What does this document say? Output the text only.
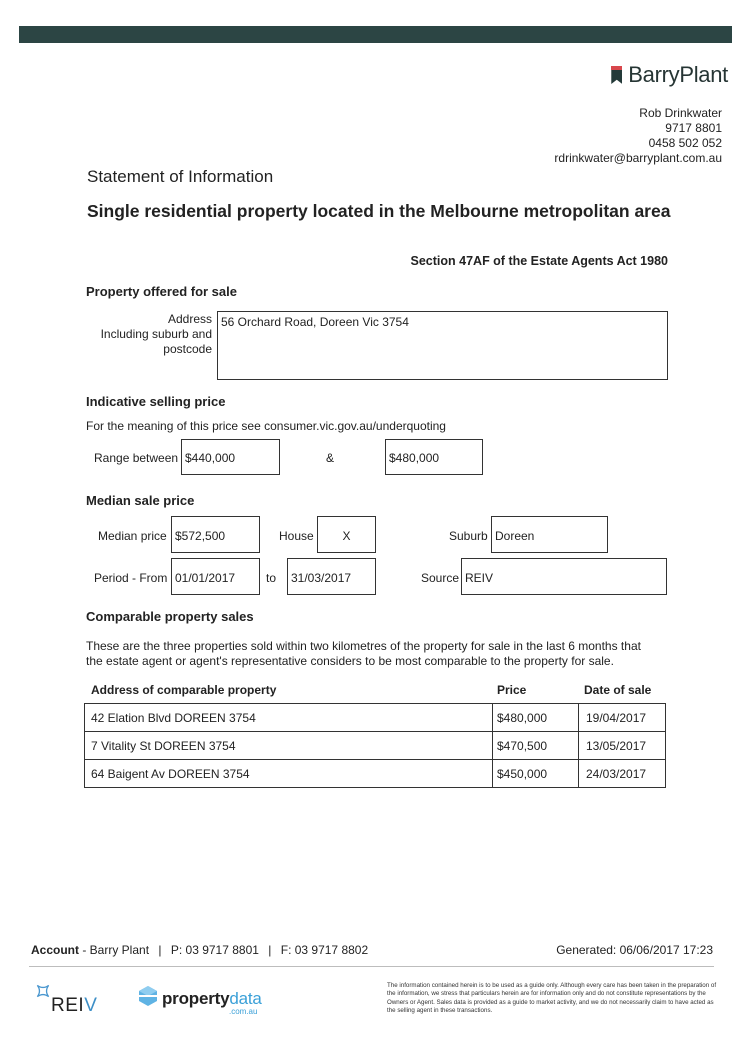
BarryPlant
Rob Drinkwater
9717 8801
0458 502 052
rdrinkwater@barryplant.com.au
Statement of Information
Single residential property located in the Melbourne metropolitan area
Section 47AF of the Estate Agents Act 1980
Property offered for sale
Address
Including suburb and
postcode
56 Orchard Road, Doreen Vic 3754
Indicative selling price
For the meaning of this price see consumer.vic.gov.au/underquoting
Range between $440,000	&	$480,000
Median sale price
Median price $572,500	House	X	Suburb Doreen
Period - From 01/01/2017	to	31/03/2017	Source REIV
Comparable property sales
These are the three properties sold within two kilometres of the property for sale in the last 6 months that
the estate agent or agent's representative considers to be most comparable to the property for sale.
Address of comparable property	Price	Date of sale
42 Elation Blvd DOREEN 3754	$480,000	19/04/2017
7 Vitality St DOREEN 3754	$470,500	13/05/2017
64 Baigent Av DOREEN 3754	$450,000	24/03/2017
Account - Barry Plant | P: 03 9717 8801 | F: 03 9717 8802	Generated: 06/06/2017 17:23
REIV	propertydata
.com.au
The information contained herein is to be used as a guide only. Although every care has been taken in the preparation of the information, we stress that particulars herein are for information only and do not constitute representations by the Owners or Agent. Sales data is provided as a guide to market activity, and we do not necessarily claim to have acted as the selling agent in these transactions.
